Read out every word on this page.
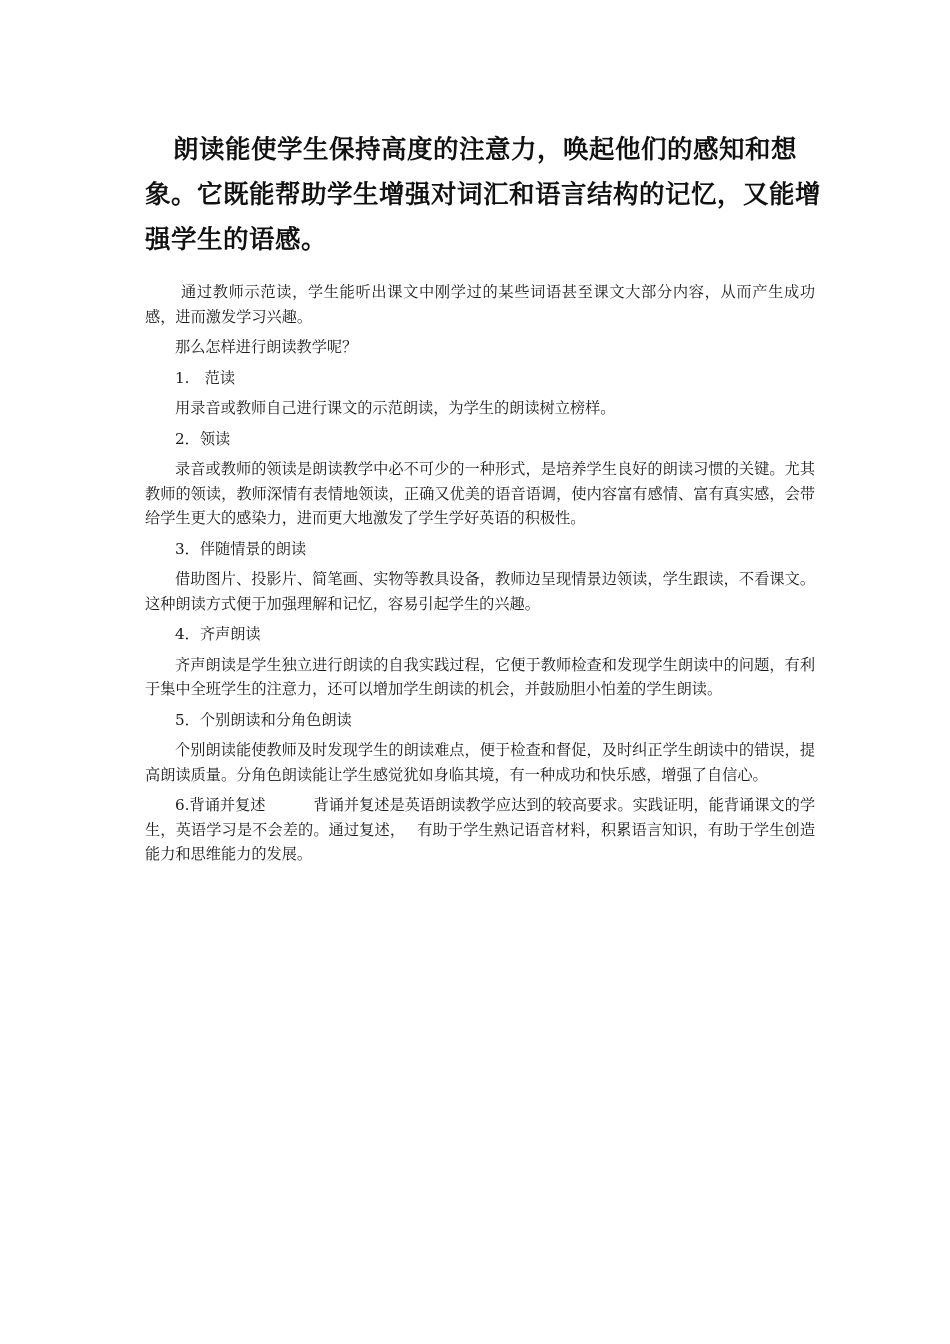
朗读能使学生保持高度的注意力，唤起他们的感知和想象。它既能帮助学生增强对词汇和语言结构的记忆，又能增强学生的语感。

通过教师示范读，学生能听出课文中刚学过的某些词语甚至课文大部分内容，从而产生成功感，进而激发学习兴趣。

那么怎样进行朗读教学呢？

1.　范读

用录音或教师自己进行课文的示范朗读，为学生的朗读树立榜样。

2．领读

录音或教师的领读是朗读教学中必不可少的一种形式，是培养学生良好的朗读习惯的关键。尤其教师的领读，教师深情有表情地领读，正确又优美的语音语调，使内容富有感情、富有真实感，会带给学生更大的感染力，进而更大地激发了学生学好英语的积极性。

3．伴随情景的朗读

借助图片、投影片、简笔画、实物等教具设备，教师边呈现情景边领读，学生跟读，不看课文。这种朗读方式便于加强理解和记忆，容易引起学生的兴趣。

4．齐声朗读

齐声朗读是学生独立进行朗读的自我实践过程，它便于教师检查和发现学生朗读中的问题，有利于集中全班学生的注意力，还可以增加学生朗读的机会，并鼓励胆小怕羞的学生朗读。

5．个别朗读和分角色朗读

个别朗读能使教师及时发现学生的朗读难点，便于检查和督促，及时纠正学生朗读中的错误，提高朗读质量。分角色朗读能让学生感觉犹如身临其境，有一种成功和快乐感，增强了自信心。

6.背诵并复述	背诵并复述是英语朗读教学应达到的较高要求。实践证明，能背诵课文的学生，英语学习是不会差的。通过复述， 有助于学生熟记语音材料，积累语言知识，有助于学生创造能力和思维能力的发展。
